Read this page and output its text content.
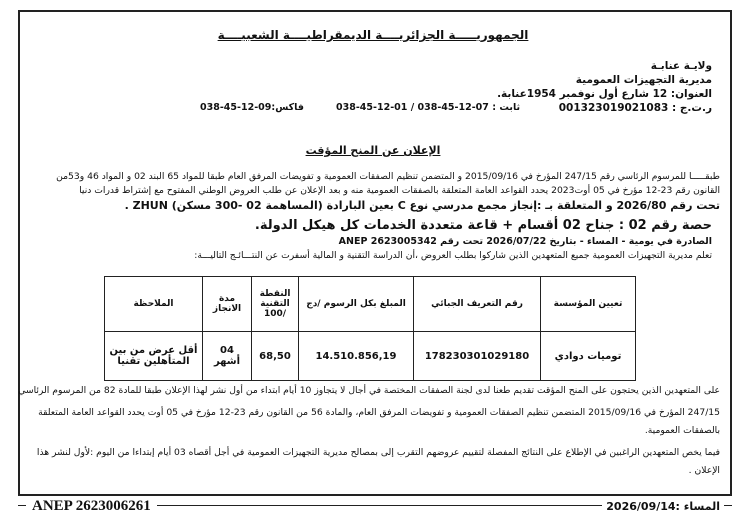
الجمهوريـــــة الجزائريــــة الديمقراطيــــة الشعبيــــة
ولايـة عنابـة
مديرية التجهيزات العمومية
العنوان: 12 شارع أول نوفمبر 1954عنابة.
ر.ت.ج : 001323019021083
ثابت : 07-12-45-038 / 01-12-45-038
فاكس:09-12-45-038
الإعلان عن المنح المؤقت
طبقـــــا للمرسوم الرئاسي رقم 247/15 المؤرخ في 2015/09/16 و المتضمن تنظيم الصفقات العمومية و تفويضات المرفق العام طبقا للمواد 65 البند 02 و المواد 46 و53من
القانون رقم 23-12 مؤرخ في 05 أوت2023 يحدد القواعد العامة المتعلقة بالصفقات العمومية منه و بعد الإعلان عن طلب العروض الوطني المفتوح مع إشتراط قدرات دنيا
تحت رقم 2026/80 و المتعلقة بـ :إنجاز مجمع مدرسي نوع C بعين البارادة (المساهمة 02 -300 مسكن) ZHUN .
حصة رقم 02 : جناح 02 أقسام + قاعة متعددة الخدمات كل هيكل الدولة.
الصادرة في يومية - المساء - بتاريخ 2026/07/22 تحت رقم ANEP 2623005342
تعلم مديرية التجهيزات العمومية جميع المتعهدين الذين شاركوا بطلب العروض ،أن الدراسة التقنية و المالية أسفرت عن النتـــائـج التاليـــة:
تعيين المؤسسة	رقم التعريف الجبائي	المبلغ بكل الرسوم /دج	النقطة التقنية /100	مدة الانجاز	الملاحظة
توميات دوادي	178230301029180	14.510.856,19	68,50	04 أشهر	أقل عرض من بين المتأهلين تقنيا
على المتعهدين الذين يحتجون على المنح المؤقت تقديم طعنا لدى لجنة الصفقات المختصة في أجال لا يتجاوز 10 أيام ابتداء من أول نشر لهذا الإعلان طبقا للمادة 82 من المرسوم الرئاسي
247/15 المؤرخ في 2015/09/16 المتضمن تنظيم الصفقات العمومية و تفويضات المرفق العام، والمادة 56 من القانون رقم 23-12 مؤرخ في 05 أوت يحدد القواعد العامة المتعلقة
بالصفقات العمومية.
فيما يخص المتعهدين الراغبين في الإطلاع على النتائج المفصلة لتقييم عروضهم التقرب إلى بمصالح مديرية التجهيزات العمومية في أجل أقصاه 03 أيام إبتداءا من اليوم :لأول لنشر هذا
الإعلان .
ANEP 2623006261	المساء :2026/09/14
